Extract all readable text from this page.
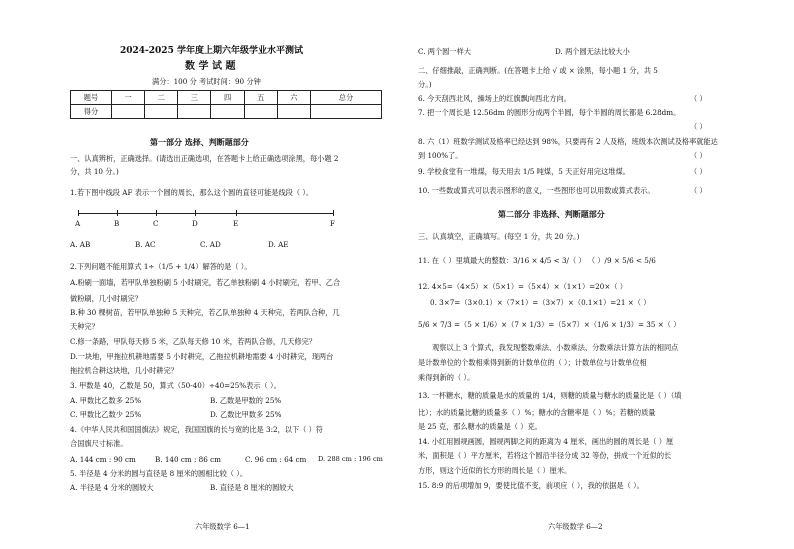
2024-2025 学年度上期六年级学业水平测试
数 学 试 题
满分：100 分 考试时间：90 分钟
题号	一	二	三	四	五	六	总分
得分							
第一部分 选择、判断题部分
一、认真辨析，正确选择。(请选出正确选项，在答题卡上给正确选项涂黑，每小题 2
分，共 10 分。)
1.若下图中线段 AF 表示一个圆的周长，那么这个圆的直径可能是线段（ ）。
A	B	C	D	E	F
A. AB	B. AC	C. AD	D. AE
2.下列问题不能用算式 1÷（1/5 + 1/4）解答的是（ ）。
A.粉刷一面墙，若甲队单独粉刷 5 小时刷完，若乙单独粉刷 4 小时刷完，若甲、乙合
做粉刷，几小时刷完？
B.种 30 棵树苗，若甲队单独种 5 天种完，若乙队单独种 4 天种完，若两队合种，几
天种完？
C.修一条路，甲队每天修 5 米，乙队每天修 10 米，若两队合修，几天修完？
D.一块地，甲拖拉机耕地需要 5 小时耕完，乙拖拉机耕地需要 4 小时耕完，现两台
拖拉机合耕这块地，几小时耕完？
3. 甲数是 40，乙数是 50，算式（50-40）÷40=25%表示（ ）。
A. 甲数比乙数多 25%	B. 乙数是甲数的 25%
C. 甲数比乙数少 25%	D. 乙数比甲数多 25%
4.《中华人民共和国国旗法》规定，我国国旗的长与宽的比是 3:2，以下（ ）符
合国旗尺寸标准。
A. 144 cm : 90 cm	B. 140 cm : 86 cm	C. 96 cm : 64 cm D. 288 cm : 196 cm
5. 半径是 4 分米的圆与直径是 8 厘米的圆相比较（ ）。
A. 半径是 4 分米的圆较大	B. 直径是 8 厘米的圆较大
六年级数学 6—1
C. 两个圆一样大	D. 两个圆无法比较大小
二、仔细推敲，正确判断。(在答题卡上给 √ 或 × 涂黑，每小题 1 分，共 5
分。)
6. 今天刮西北风，操场上的红旗飘向西北方向。	（ ）
7. 把一个周长是 12.56dm 的圆形分成两个半圆，每个半圆的周长都是 6.28dm。
（ ）
8. 六（1）班数学测试及格率已经达到 98%，只要再有 2 人及格，班级本次测试及格率就能达
到 100%了。	（ ）
9. 学校食堂有一堆煤，每天用去 1/5 吨煤，5 天正好用完这堆煤。	（ ）
10. 一些数或算式可以表示图形的意义，一些图形也可以用数或算式表示。	（ ）
第二部分 非选择、判断题部分
三、认真填空，正确填写。(每空 1 分，共 20 分。)
11. 在（ ）里填最大的整数：3/16 × 4/5 < 3/（ ） （ ）/9 × 5/6 < 5/6
12. 4×5=（4×5）×（5×1）=（5×4）×（1×1）=20×（ ）
0. 3×7=（3×0.1）×（7×1）=（3×7）×（0.1×1）=21 ×（ ）
5/6 × 7/3 =（5 × 1/6）×（7 × 1/3）=（5×7）×（1/6 × 1/3）= 35 ×（ ）
观察以上 3 个算式，我发现整数乘法、小数乘法、分数乘法计算方法的相同点
是计数单位的个数相乘得到新的计数单位的（ ）；计数单位与计数单位相
乘得到新的（ ）。
13. 一杯糖水，糖的质量是水的质量的 1/4，则糖的质量与糖水的质量比是（ ）（填
比）；水的质量比糖的质量多（ ）%；糖水的含糖率是（ ）%；若糖的质量
是 25 克，那么糖水的质量是（ ）克。
14. 小红用圆规画圆，圆规两脚之间的距离为 4 厘米，画出的圆的周长是（ ）厘
米，面积是（ ）平方厘米，若将这个圆沿半径分成 32 等份，拼成一个近似的长
方形，则这个近似的长方形的周长是（ ）厘米。
15. 8:9 的后项增加 9，要使比值不变，前项应（ ），我的依据是（ ）。
六年级数学 6—2
